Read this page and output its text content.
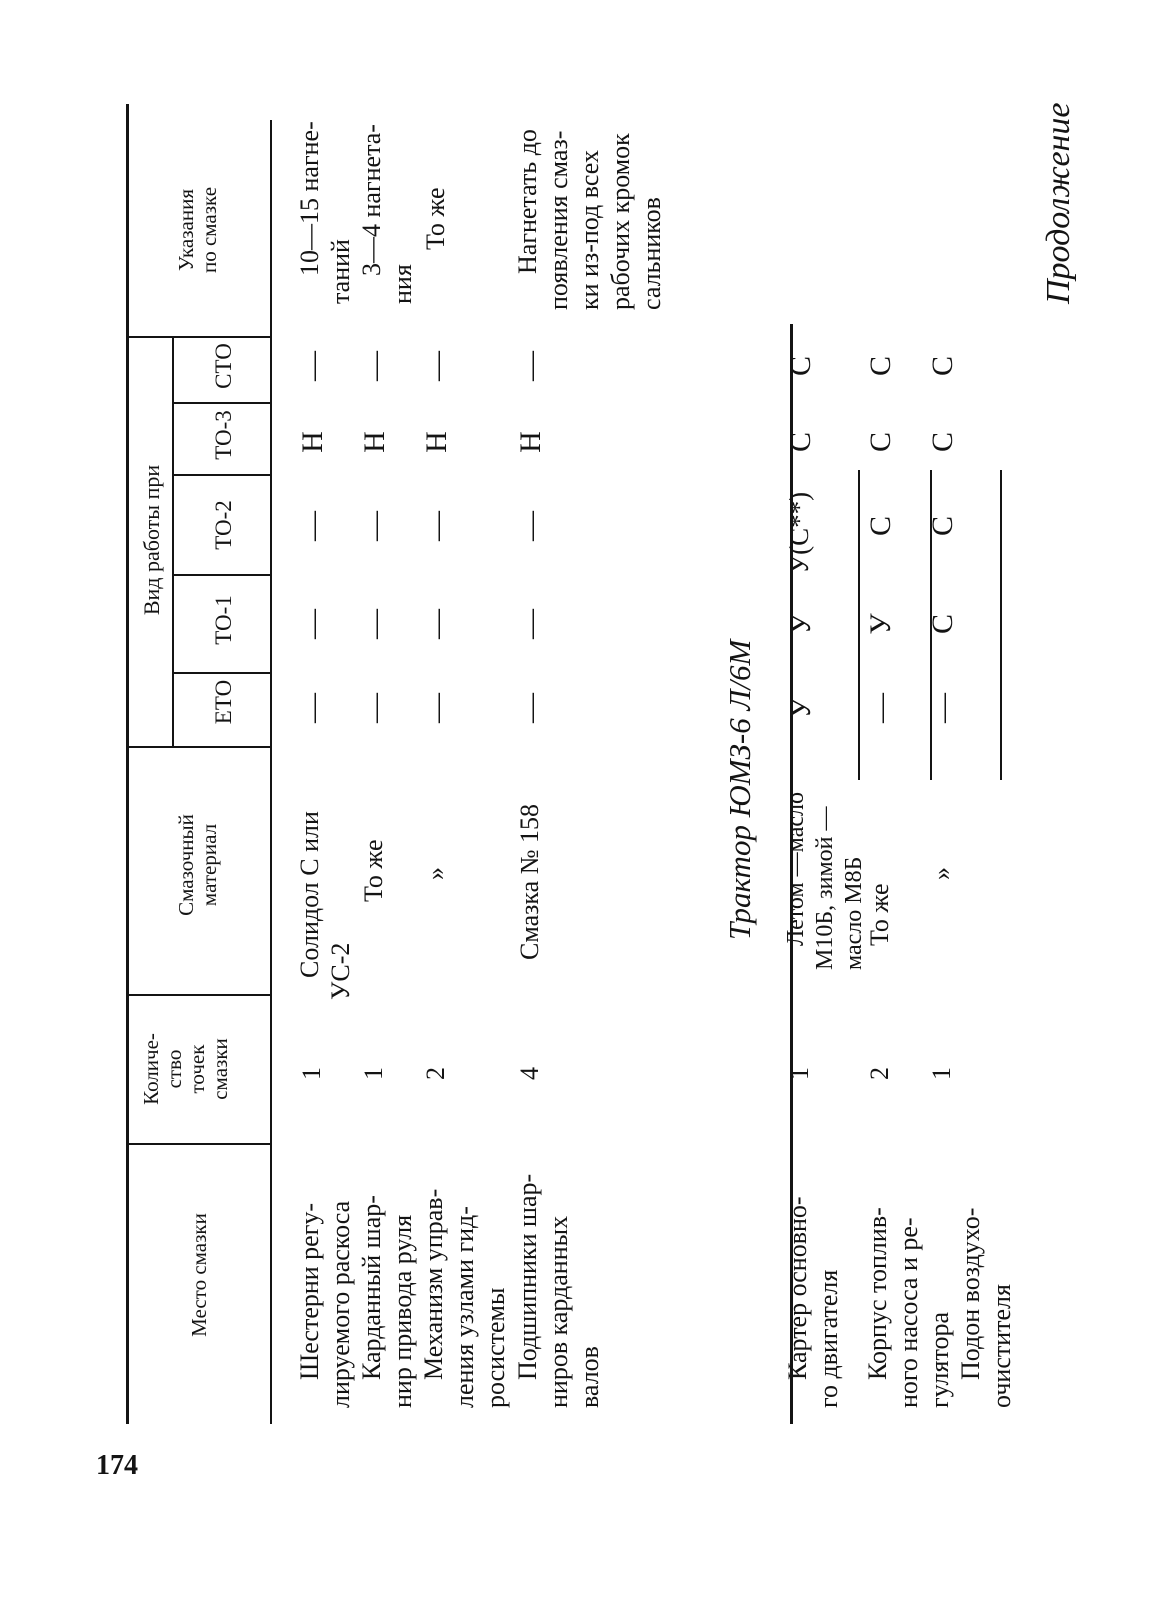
174
Продолжение
Место смазки
Количе-
ство
точек
смазки
Смазочный
материал
Вид работы при
ЕТО
ТО-1
ТО-2
ТО-3
СТО
Указания
по смазке
Шестерни регу- лируемого раскоса
1
Солидол С или УС-2
—
—
—
Н
—
10—15 нагне- таний
Карданный шар- нир привода руля
1
То же
—
—
—
Н
—
3—4 нагнета-
ния
Механизм управ- ления узлами гид- росистемы
2
»
—
—
—
Н
—
То же
Подшипники шар- ниров карданных валов
4
Смазка № 158
—
—
—
Н
—
Нагнетать до появления смаз- ки из-под всех рабочих кромок сальников
Трактор ЮМЗ-6 Л/6М
Картер основно- го двигателя
1
Летом —масло М10Б, зимой — масло М8Б
У
У
У(С**)
С
С
Корпус топлив- ного насоса и ре- гулятора
2
То же
—
У
С
С
С
Подон воздухо- очистителя
1
»
—
С
С
С
С
